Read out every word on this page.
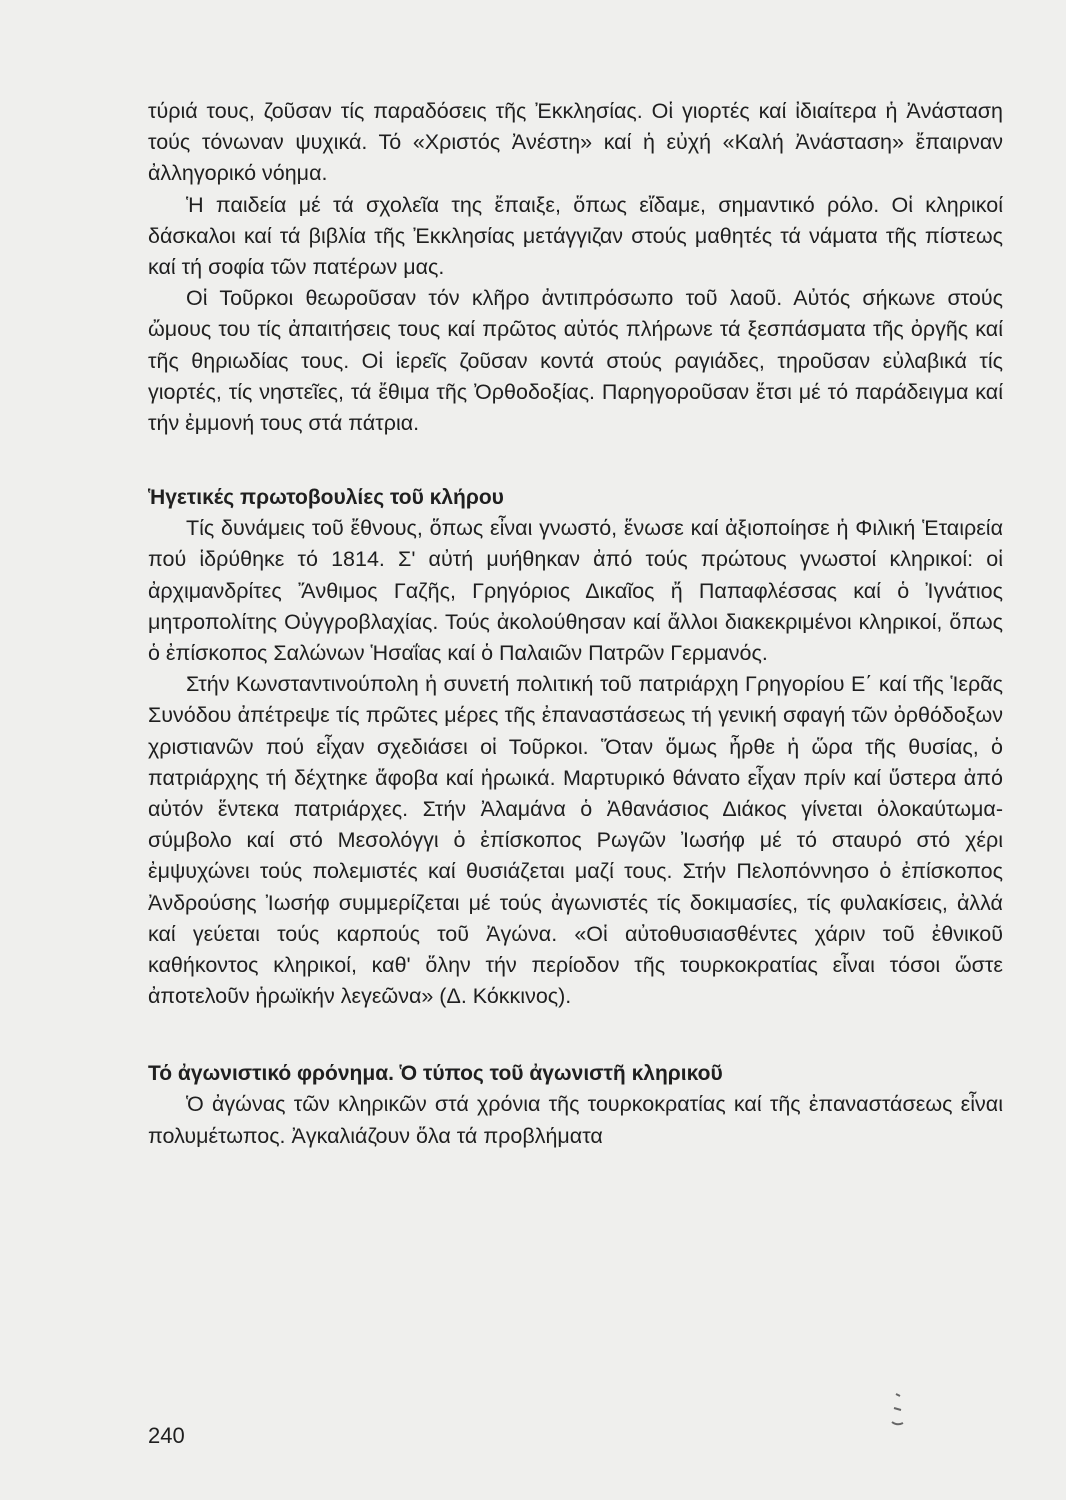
τύριά τους, ζοῦσαν τίς παραδόσεις τῆς Ἐκκλησίας. Οἱ γιορτές καί ἰδιαίτερα ἡ Ἀνάσταση τούς τόνωναν ψυχικά. Τό «Χριστός Ἀνέστη» καί ἡ εὐχή «Καλή Ἀνάσταση» ἔπαιρναν ἀλληγορικό νόημα.

Ἡ παιδεία μέ τά σχολεῖα της ἔπαιξε, ὅπως εἴδαμε, σημαντικό ρόλο. Οἱ κληρικοί δάσκαλοι καί τά βιβλία τῆς Ἐκκλησίας μετάγγιζαν στούς μαθητές τά νάματα τῆς πίστεως καί τή σοφία τῶν πατέρων μας.

Οἱ Τοῦρκοι θεωροῦσαν τόν κλῆρο ἀντιπρόσωπο τοῦ λαοῦ. Αὐτός σήκωνε στούς ὤμους του τίς ἀπαιτήσεις τους καί πρῶτος αὐτός πλήρωνε τά ξεσπάσματα τῆς ὀργῆς καί τῆς θηριωδίας τους. Οἱ ἱερεῖς ζοῦσαν κοντά στούς ραγιάδες, τηροῦσαν εὐλαβικά τίς γιορτές, τίς νηστεῖες, τά ἔθιμα τῆς Ὀρθοδοξίας. Παρηγοροῦσαν ἔτσι μέ τό παράδειγμα καί τήν ἐμμονή τους στά πάτρια.

Ἡγετικές πρωτοβουλίες τοῦ κλήρου

Τίς δυνάμεις τοῦ ἔθνους, ὅπως εἶναι γνωστό, ἕνωσε καί ἀξιοποίησε ἡ Φιλική Ἑταιρεία πού ἱδρύθηκε τό 1814. Σ' αὐτή μυήθηκαν ἀπό τούς πρώτους γνωστοί κληρικοί: οἱ ἀρχιμανδρίτες Ἄνθιμος Γαζῆς, Γρηγόριος Δικαῖος ἤ Παπαφλέσσας καί ὁ Ἰγνάτιος μητροπολίτης Οὐγγροβλαχίας. Τούς ἀκολούθησαν καί ἄλλοι διακεκριμένοι κληρικοί, ὅπως ὁ ἐπίσκοπος Σαλώνων Ἡσαΐας καί ὁ Παλαιῶν Πατρῶν Γερμανός.

Στήν Κωνσταντινούπολη ἡ συνετή πολιτική τοῦ πατριάρχη Γρηγορίου Ε΄ καί τῆς Ἱερᾶς Συνόδου ἀπέτρεψε τίς πρῶτες μέρες τῆς ἐπαναστάσεως τή γενική σφαγή τῶν ὀρθόδοξων χριστιανῶν πού εἶχαν σχεδιάσει οἱ Τοῦρκοι. Ὅταν ὅμως ἦρθε ἡ ὥρα τῆς θυσίας, ὁ πατριάρχης τή δέχτηκε ἄφοβα καί ἡρωικά. Μαρτυρικό θάνατο εἶχαν πρίν καί ὕστερα ἀπό αὐτόν ἕντεκα πατριάρχες. Στήν Ἀλαμάνα ὁ Ἀθανάσιος Διάκος γίνεται ὁλοκαύτωμα-σύμβολο καί στό Μεσολόγγι ὁ ἐπίσκοπος Ρωγῶν Ἰωσήφ μέ τό σταυρό στό χέρι ἐμψυχώνει τούς πολεμιστές καί θυσιάζεται μαζί τους. Στήν Πελοπόννησο ὁ ἐπίσκοπος Ἀνδρούσης Ἰωσήφ συμμερίζεται μέ τούς ἀγωνιστές τίς δοκιμασίες, τίς φυλακίσεις, ἀλλά καί γεύεται τούς καρπούς τοῦ Ἀγώνα. «Οἱ αὐτοθυσιασθέντες χάριν τοῦ ἐθνικοῦ καθήκοντος κληρικοί, καθ' ὅλην τήν περίοδον τῆς τουρκοκρατίας εἶναι τόσοι ὥστε ἀποτελοῦν ἡρωϊκήν λεγεῶνα» (Δ. Κόκκινος).

Τό ἀγωνιστικό φρόνημα. Ὁ τύπος τοῦ ἀγωνιστῆ κληρικοῦ

Ὁ ἀγώνας τῶν κληρικῶν στά χρόνια τῆς τουρκοκρατίας καί τῆς ἐπαναστάσεως εἶναι πολυμέτωπος. Ἀγκαλιάζουν ὅλα τά προβλήματα

240
